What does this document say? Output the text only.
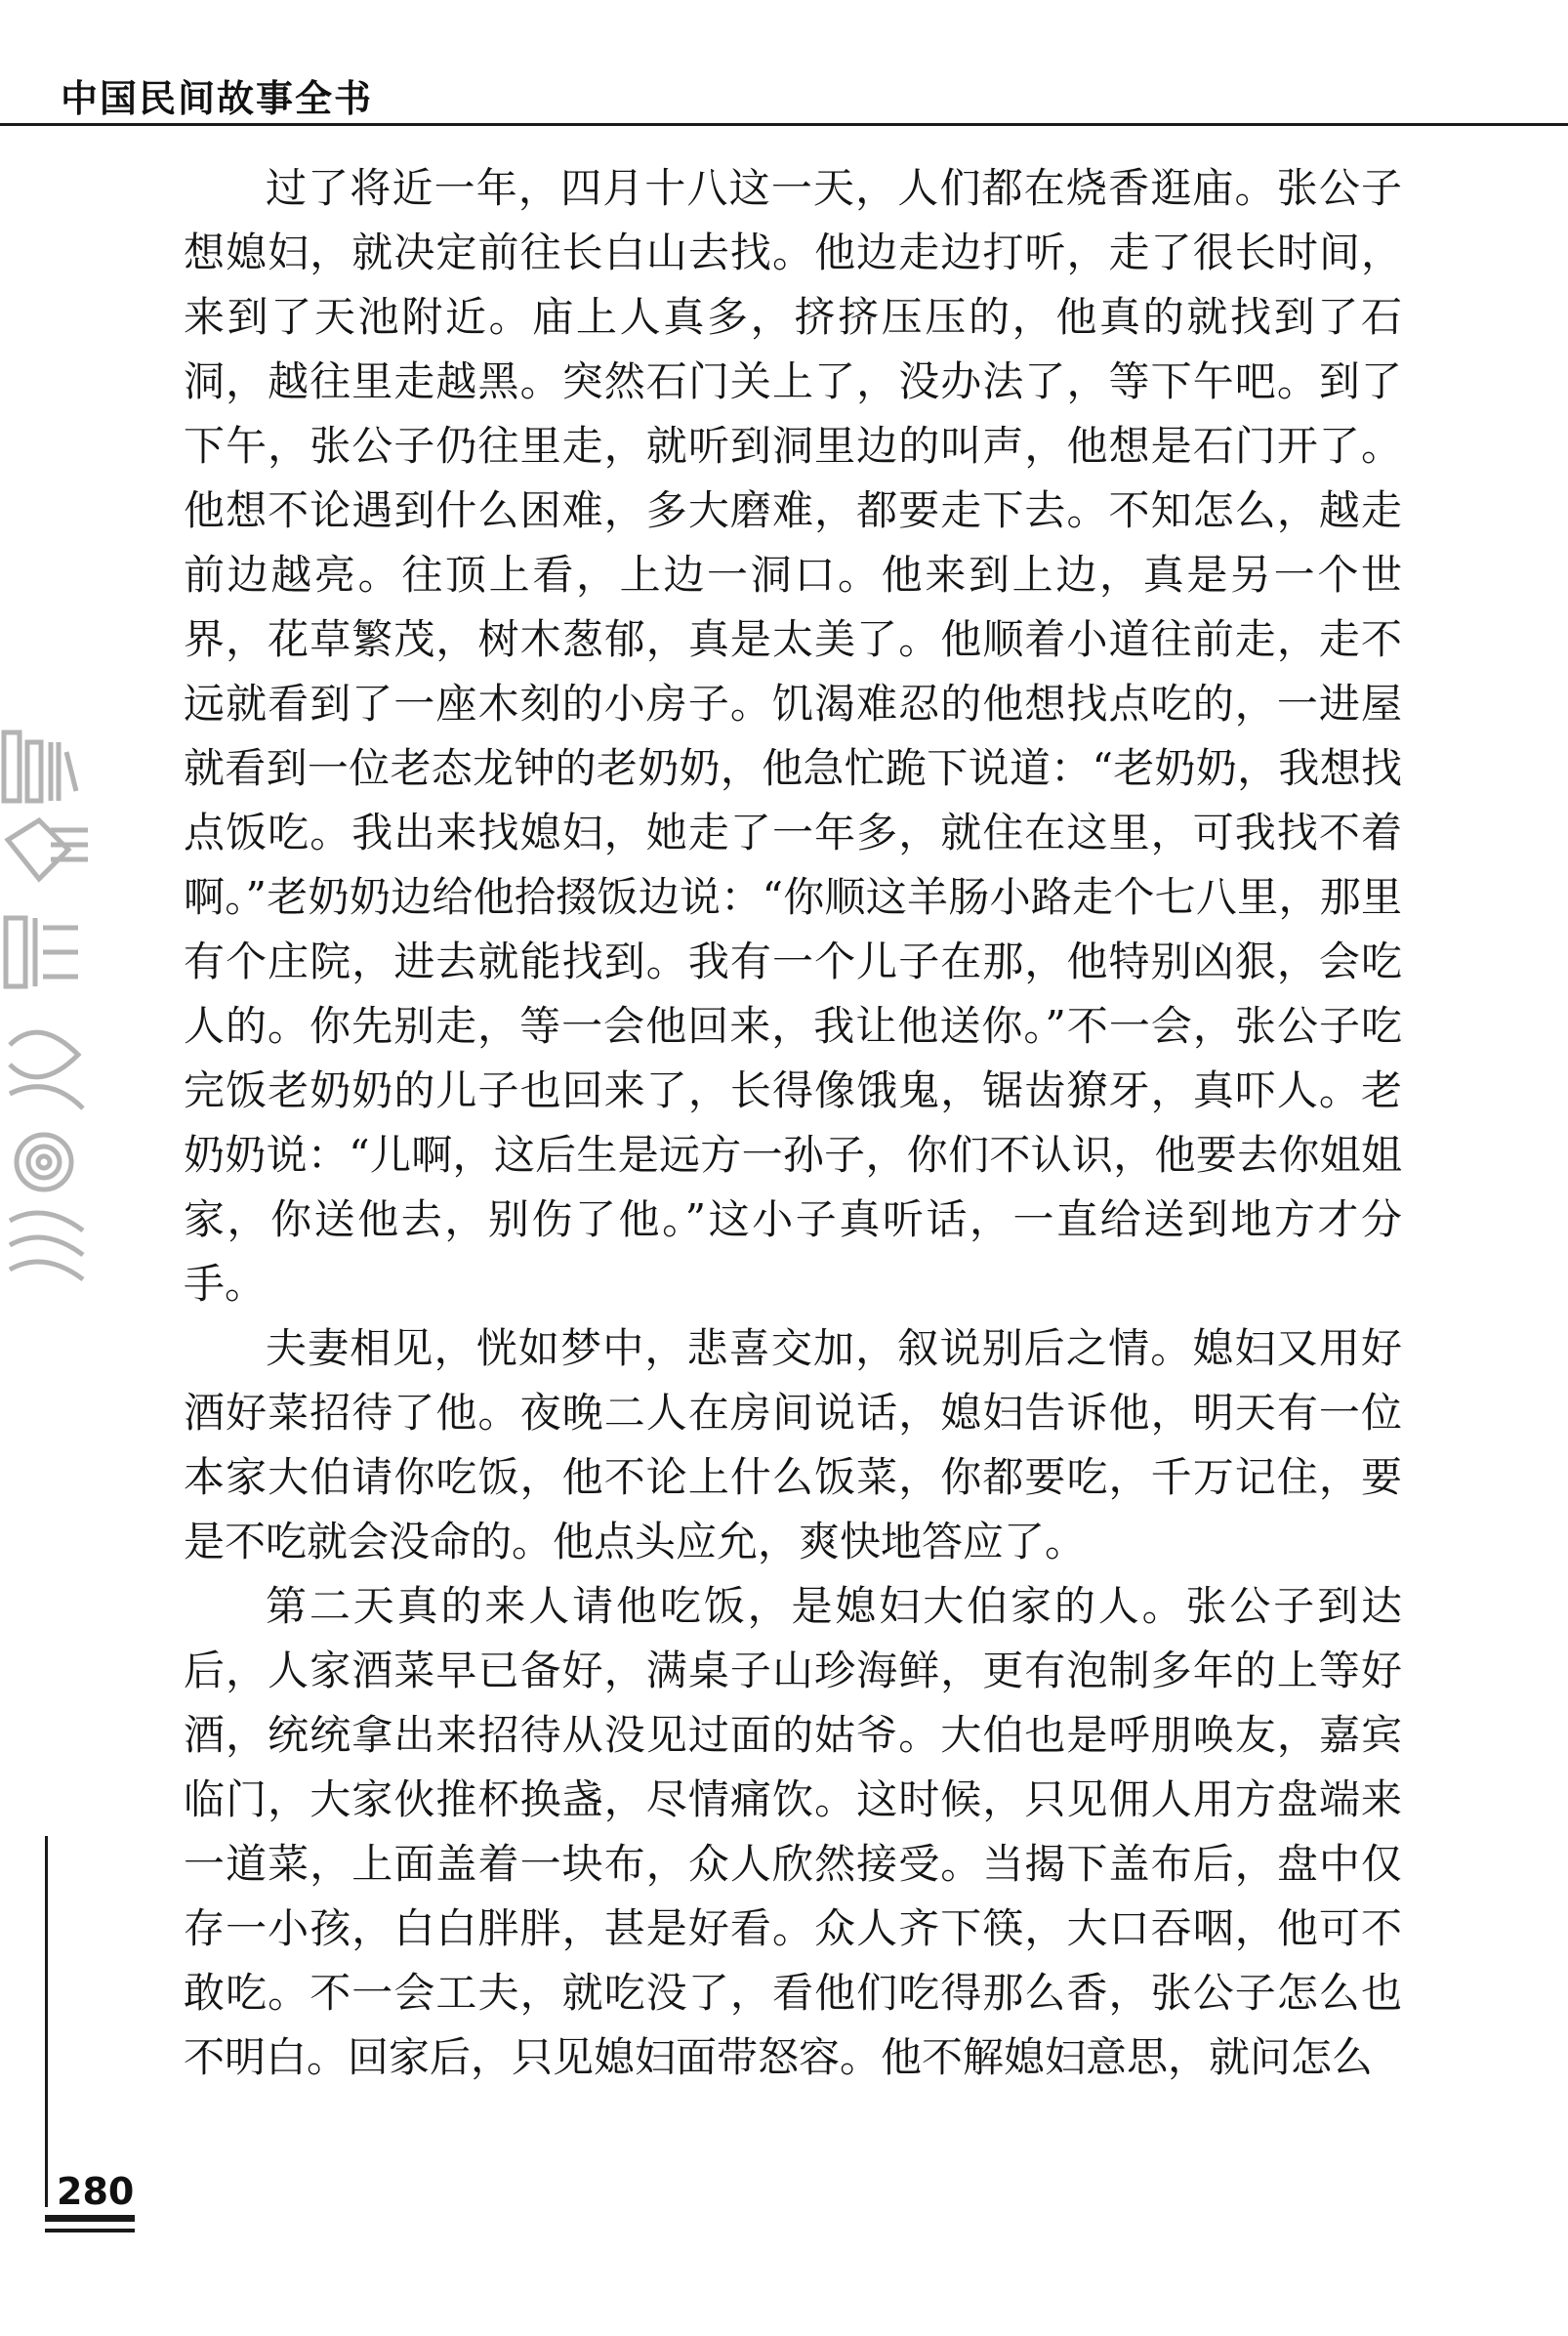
中国民间故事全书

过了将近一年，四月十八这一天，人们都在烧香逛庙。张公子想媳妇，就决定前往长白山去找。他边走边打听，走了很长时间，来到了天池附近。庙上人真多，挤挤压压的，他真的就找到了石洞，越往里走越黑。突然石门关上了，没办法了，等下午吧。到了下午，张公子仍往里走，就听到洞里边的叫声，他想是石门开了。他想不论遇到什么困难，多大磨难，都要走下去。不知怎么，越走前边越亮。往顶上看，上边一洞口。他来到上边，真是另一个世界，花草繁茂，树木葱郁，真是太美了。他顺着小道往前走，走不远就看到了一座木刻的小房子。饥渴难忍的他想找点吃的，一进屋就看到一位老态龙钟的老奶奶，他急忙跪下说道：“老奶奶，我想找点饭吃。我出来找媳妇，她走了一年多，就住在这里，可我找不着啊。”老奶奶边给他拾掇饭边说：“你顺这羊肠小路走个七八里，那里有个庄院，进去就能找到。我有一个儿子在那，他特别凶狠，会吃人的。你先别走，等一会他回来，我让他送你。”不一会，张公子吃完饭老奶奶的儿子也回来了，长得像饿鬼，锯齿獠牙，真吓人。老奶奶说：“儿啊，这后生是远方一孙子，你们不认识，他要去你姐姐家，你送他去，别伤了他。”这小子真听话，一直给送到地方才分手。

夫妻相见，恍如梦中，悲喜交加，叙说别后之情。媳妇又用好酒好菜招待了他。夜晚二人在房间说话，媳妇告诉他，明天有一位本家大伯请你吃饭，他不论上什么饭菜，你都要吃，千万记住，要是不吃就会没命的。他点头应允，爽快地答应了。

第二天真的来人请他吃饭，是媳妇大伯家的人。张公子到达后，人家酒菜早已备好，满桌子山珍海鲜，更有泡制多年的上等好酒，统统拿出来招待从没见过面的姑爷。大伯也是呼朋唤友，嘉宾临门，大家伙推杯换盏，尽情痛饮。这时候，只见佣人用方盘端来一道菜，上面盖着一块布，众人欣然接受。当揭下盖布后，盘中仅存一小孩，白白胖胖，甚是好看。众人齐下筷，大口吞咽，他可不敢吃。不一会工夫，就吃没了，看他们吃得那么香，张公子怎么也不明白。回家后，只见媳妇面带怒容。他不解媳妇意思，就问怎么

280
